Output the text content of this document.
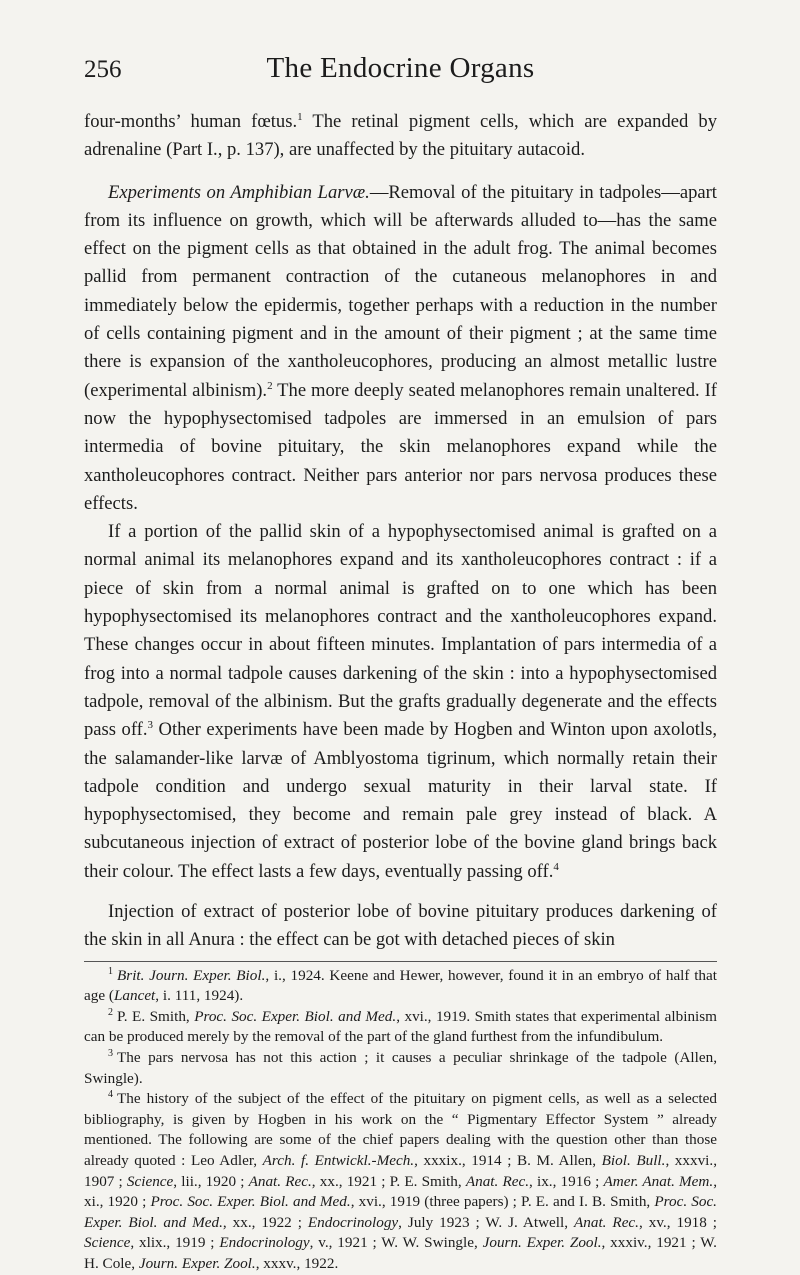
256	The Endocrine Organs

four-months’ human fœtus.$^1$ The retinal pigment cells, which are expanded by adrenaline (Part I., p. 137), are unaffected by the pituitary autacoid.

Experiments on Amphibian Larvæ.—Removal of the pituitary in tadpoles—apart from its influence on growth, which will be afterwards alluded to—has the same effect on the pigment cells as that obtained in the adult frog. The animal becomes pallid from permanent contraction of the cutaneous melanophores in and immediately below the epidermis, together perhaps with a reduction in the number of cells containing pigment and in the amount of their pigment ; at the same time there is expansion of the xantholeucophores, producing an almost metallic lustre (experimental albinism).$^2$ The more deeply seated melanophores remain unaltered. If now the hypophysectomised tadpoles are immersed in an emulsion of pars intermedia of bovine pituitary, the skin melanophores expand while the xantholeucophores contract. Neither pars anterior nor pars nervosa produces these effects.

If a portion of the pallid skin of a hypophysectomised animal is grafted on a normal animal its melanophores expand and its xantholeucophores contract : if a piece of skin from a normal animal is grafted on to one which has been hypophysectomised its melanophores contract and the xantholeucophores expand. These changes occur in about fifteen minutes. Implantation of pars intermedia of a frog into a normal tadpole causes darkening of the skin : into a hypophysectomised tadpole, removal of the albinism. But the grafts gradually degenerate and the effects pass off.$^3$ Other experiments have been made by Hogben and Winton upon axolotls, the salamander-like larvæ of Amblyostoma tigrinum, which normally retain their tadpole condition and undergo sexual maturity in their larval state. If hypophysectomised, they become and remain pale grey instead of black. A subcutaneous injection of extract of posterior lobe of the bovine gland brings back their colour. The effect lasts a few days, eventually passing off.$^4$

Injection of extract of posterior lobe of bovine pituitary produces darkening of the skin in all Anura : the effect can be got with detached pieces of skin

$^1$ Brit. Journ. Exper. Biol., i., 1924. Keene and Hewer, however, found it in an embryo of half that age (Lancet, i. 111, 1924).

$^2$ P. E. Smith, Proc. Soc. Exper. Biol. and Med., xvi., 1919. Smith states that experimental albinism can be produced merely by the removal of the part of the gland furthest from the infundibulum.

$^3$ The pars nervosa has not this action ; it causes a peculiar shrinkage of the tadpole (Allen, Swingle).

$^4$ The history of the subject of the effect of the pituitary on pigment cells, as well as a selected bibliography, is given by Hogben in his work on the “ Pigmentary Effector System ” already mentioned. The following are some of the chief papers dealing with the question other than those already quoted : Leo Adler, Arch. f. Entwickl.-Mech., xxxix., 1914 ; B. M. Allen, Biol. Bull., xxxvi., 1907 ; Science, lii., 1920 ; Anat. Rec., xx., 1921 ; P. E. Smith, Anat. Rec., ix., 1916 ; Amer. Anat. Mem., xi., 1920 ; Proc. Soc. Exper. Biol. and Med., xvi., 1919 (three papers) ; P. E. and I. B. Smith, Proc. Soc. Exper. Biol. and Med., xx., 1922 ; Endocrinology, July 1923 ; W. J. Atwell, Anat. Rec., xv., 1918 ; Science, xlix., 1919 ; Endocrinology, v., 1921 ; W. W. Swingle, Journ. Exper. Zool., xxxiv., 1921 ; W. H. Cole, Journ. Exper. Zool., xxxv., 1922.
